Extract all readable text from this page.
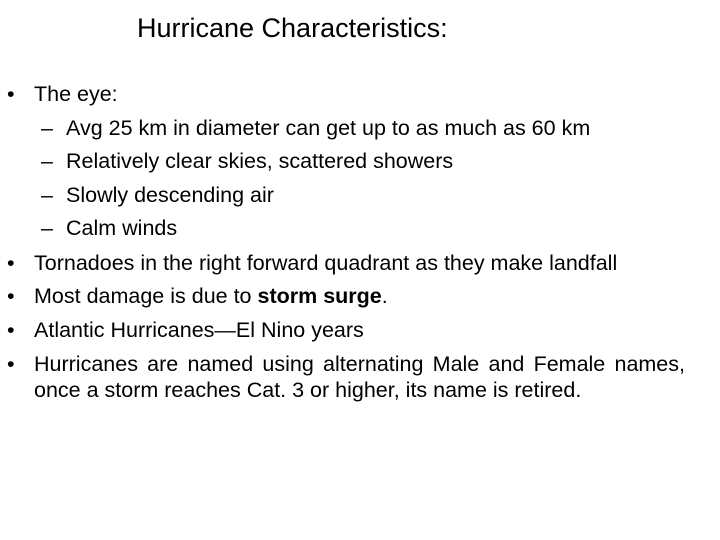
Hurricane Characteristics:
• The eye:
– Avg 25 km in diameter can get up to as much as 60 km
– Relatively clear skies, scattered showers
– Slowly descending air
– Calm winds
• Tornadoes in the right forward quadrant as they make landfall
• Most damage is due to storm surge.
• Atlantic Hurricanes—El Nino years
• Hurricanes are named using alternating Male and Female names, once a storm reaches Cat. 3 or higher, its name is retired.
